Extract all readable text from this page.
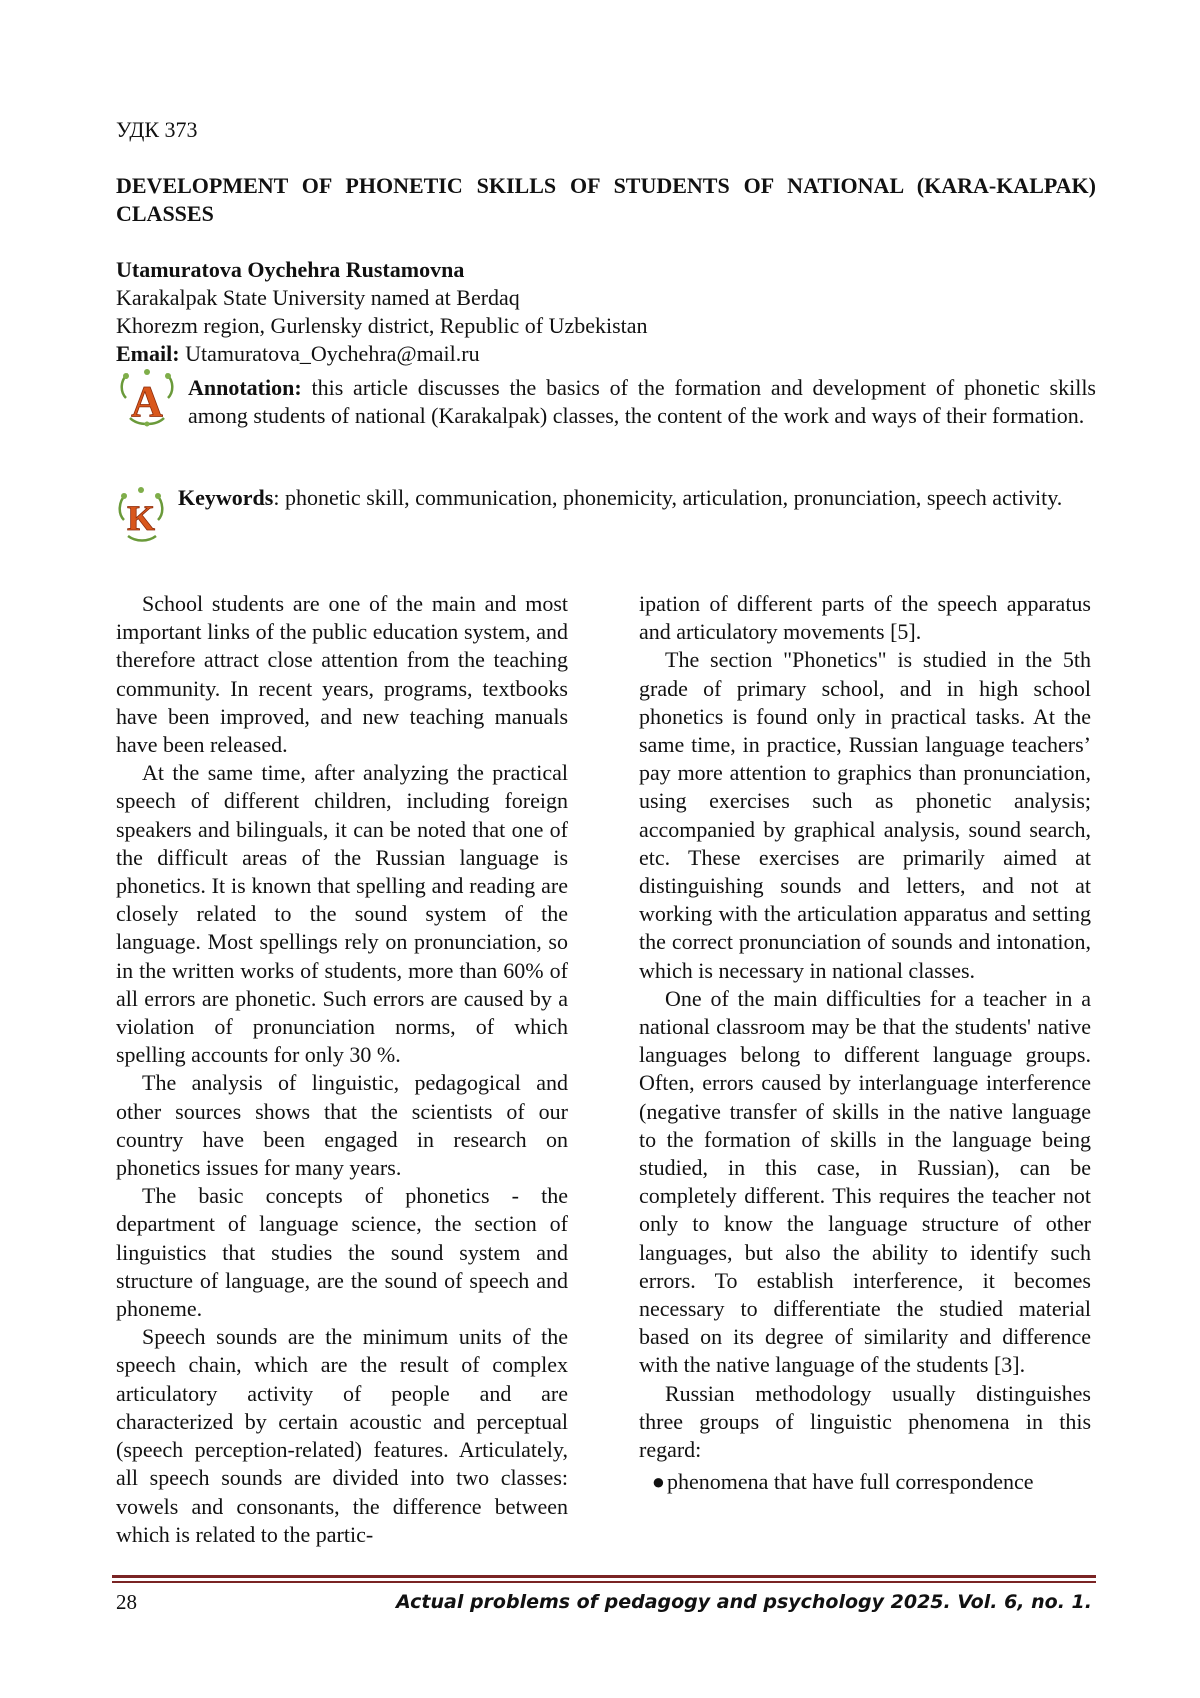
УДК 373
DEVELOPMENT OF PHONETIC SKILLS OF STUDENTS OF NATIONAL (KARA-KALPAK) CLASSES
Utamuratova Oychehra Rustamovna
Karakalpak State University named at Berdaq
Khorezm region, Gurlensky district, Republic of Uzbekistan
Email: Utamuratova_Oychehra@mail.ru
A Annotation: this article discusses the basics of the formation and development of phonetic skills among students of national (Karakalpak) classes, the content of the work and ways of their formation.
K
Keywords: phonetic skill, communication, phonemicity, articulation, pronunciation, speech activity.

School students are one of the main and most important links of the public education system, and therefore attract close attention from the teaching community. In recent years, programs, textbooks have been improved, and new teaching manuals have been released.

At the same time, after analyzing the practical speech of different children, including foreign speakers and bilinguals, it can be noted that one of the difficult areas of the Russian language is phonetics. It is known that spelling and reading are closely related to the sound system of the language. Most spellings rely on pronunciation, so in the written works of students, more than 60% of all errors are phonetic. Such errors are caused by a violation of pronunciation norms, of which spelling accounts for only 30 %.

The analysis of linguistic, pedagogical and other sources shows that the scientists of our country have been engaged in research on phonetics issues for many years.

The basic concepts of phonetics - the department of language science, the section of linguistics that studies the sound system and structure of language, are the sound of speech and phoneme.

Speech sounds are the minimum units of the speech chain, which are the result of complex articulatory activity of people and are characterized by certain acoustic and perceptual (speech perception-related) features. Articulately, all speech sounds are divided into two classes: vowels and consonants, the difference between which is related to the partic-

ipation of different parts of the speech apparatus and articulatory movements [5].

The section "Phonetics" is studied in the 5th grade of primary school, and in high school phonetics is found only in practical tasks. At the same time, in practice, Russian language teachers’ pay more attention to graphics than pronunciation, using exercises such as phonetic analysis; accompanied by graphical analysis, sound search, etc. These exercises are primarily aimed at distinguishing sounds and letters, and not at working with the articulation apparatus and setting the correct pronunciation of sounds and intonation, which is necessary in national classes.

One of the main difficulties for a teacher in a national classroom may be that the students' native languages belong to different language groups. Often, errors caused by interlanguage interference (negative transfer of skills in the native language to the formation of skills in the language being studied, in this case, in Russian), can be completely different. This requires the teacher not only to know the language structure of other languages, but also the ability to identify such errors. To establish interference, it becomes necessary to differentiate the studied material based on its degree of similarity and difference with the native language of the students [3].

Russian methodology usually distinguishes three groups of linguistic phenomena in this regard:

● phenomena that have full correspondence
28	Actual problems of pedagogy and psychology 2025. Vol. 6, no. 1.
